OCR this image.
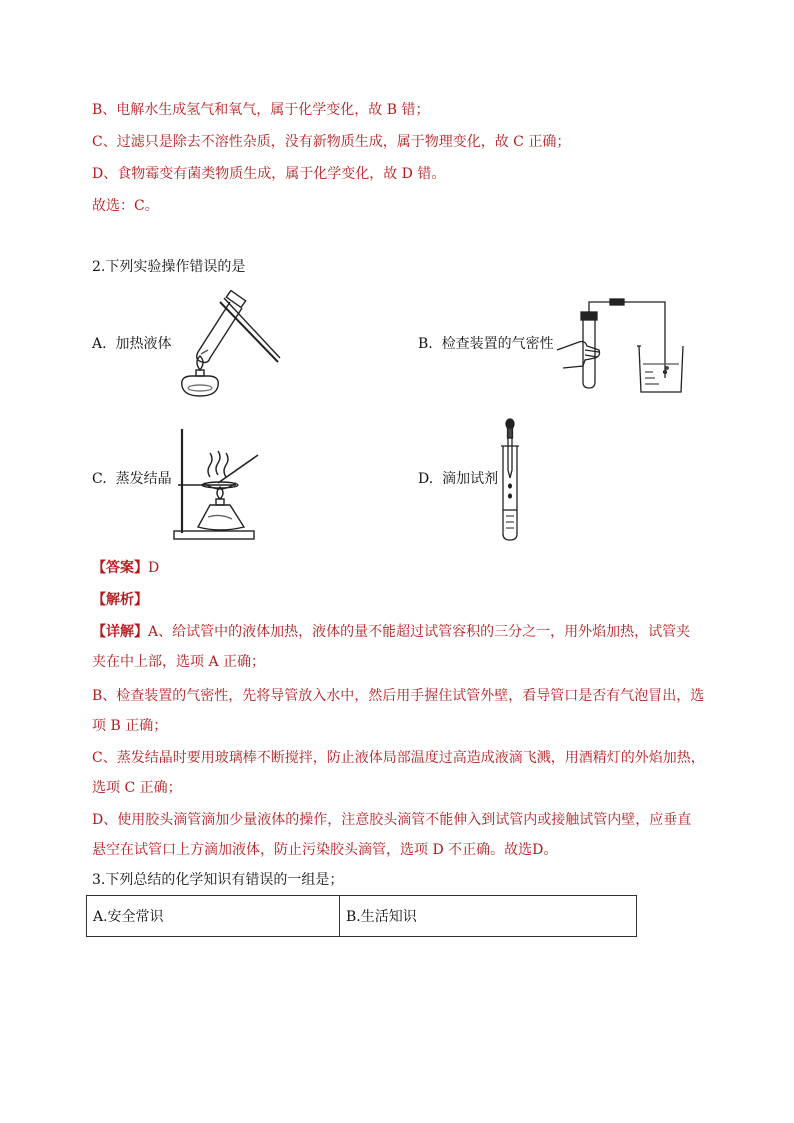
B、电解水生成氢气和氧气，属于化学变化，故 B 错；
C、过滤只是除去不溶性杂质，没有新物质生成，属于物理变化，故 C 正确；
D、食物霉变有菌类物质生成，属于化学变化，故 D 错。
故选：C。
2.下列实验操作错误的是
A. 加热液体	B. 检查装置的气密性
C. 蒸发结晶	D. 滴加试剂
【答案】D
【解析】
【详解】A、给试管中的液体加热，液体的量不能超过试管容积的三分之一，用外焰加热，试管夹
夹在中上部，选项 A 正确；
B、检查装置的气密性，先将导管放入水中，然后用手握住试管外壁，看导管口是否有气泡冒出，选
项 B 正确；
C、蒸发结晶时要用玻璃棒不断搅拌，防止液体局部温度过高造成液滴飞溅，用酒精灯的外焰加热，
选项 C 正确；
D、使用胶头滴管滴加少量液体的操作，注意胶头滴管不能伸入到试管内或接触试管内壁，应垂直
悬空在试管口上方滴加液体，防止污染胶头滴管，选项 D 不正确。故选D。
3.下列总结的化学知识有错误的一组是；
A.安全常识	B.生活知识
